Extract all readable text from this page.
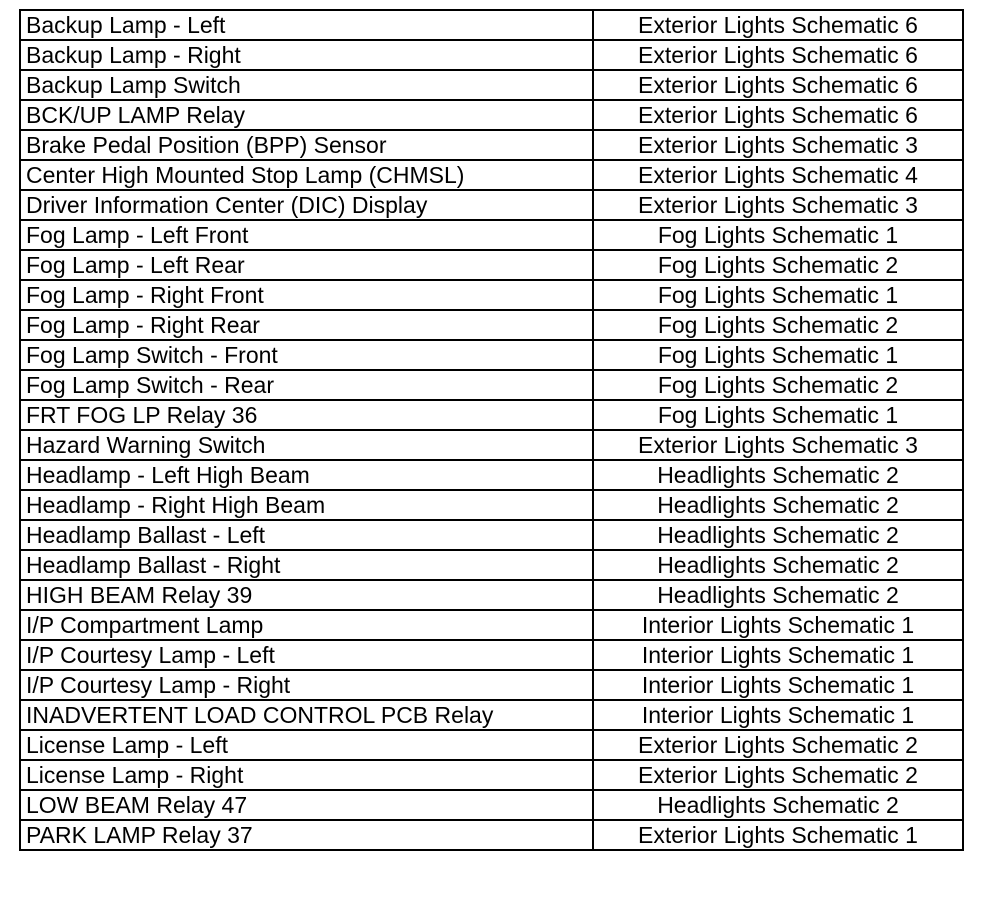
Backup Lamp - Left	Exterior Lights Schematic 6
Backup Lamp - Right	Exterior Lights Schematic 6
Backup Lamp Switch	Exterior Lights Schematic 6
BCK/UP LAMP Relay	Exterior Lights Schematic 6
Brake Pedal Position (BPP) Sensor	Exterior Lights Schematic 3
Center High Mounted Stop Lamp (CHMSL)	Exterior Lights Schematic 4
Driver Information Center (DIC) Display	Exterior Lights Schematic 3
Fog Lamp - Left Front	Fog Lights Schematic 1
Fog Lamp - Left Rear	Fog Lights Schematic 2
Fog Lamp - Right Front	Fog Lights Schematic 1
Fog Lamp - Right Rear	Fog Lights Schematic 2
Fog Lamp Switch - Front	Fog Lights Schematic 1
Fog Lamp Switch - Rear	Fog Lights Schematic 2
FRT FOG LP Relay 36	Fog Lights Schematic 1
Hazard Warning Switch	Exterior Lights Schematic 3
Headlamp - Left High Beam	Headlights Schematic 2
Headlamp - Right High Beam	Headlights Schematic 2
Headlamp Ballast - Left	Headlights Schematic 2
Headlamp Ballast - Right	Headlights Schematic 2
HIGH BEAM Relay 39	Headlights Schematic 2
I/P Compartment Lamp	Interior Lights Schematic 1
I/P Courtesy Lamp - Left	Interior Lights Schematic 1
I/P Courtesy Lamp - Right	Interior Lights Schematic 1
INADVERTENT LOAD CONTROL PCB Relay	Interior Lights Schematic 1
License Lamp - Left	Exterior Lights Schematic 2
License Lamp - Right	Exterior Lights Schematic 2
LOW BEAM Relay 47	Headlights Schematic 2
PARK LAMP Relay 37	Exterior Lights Schematic 1
